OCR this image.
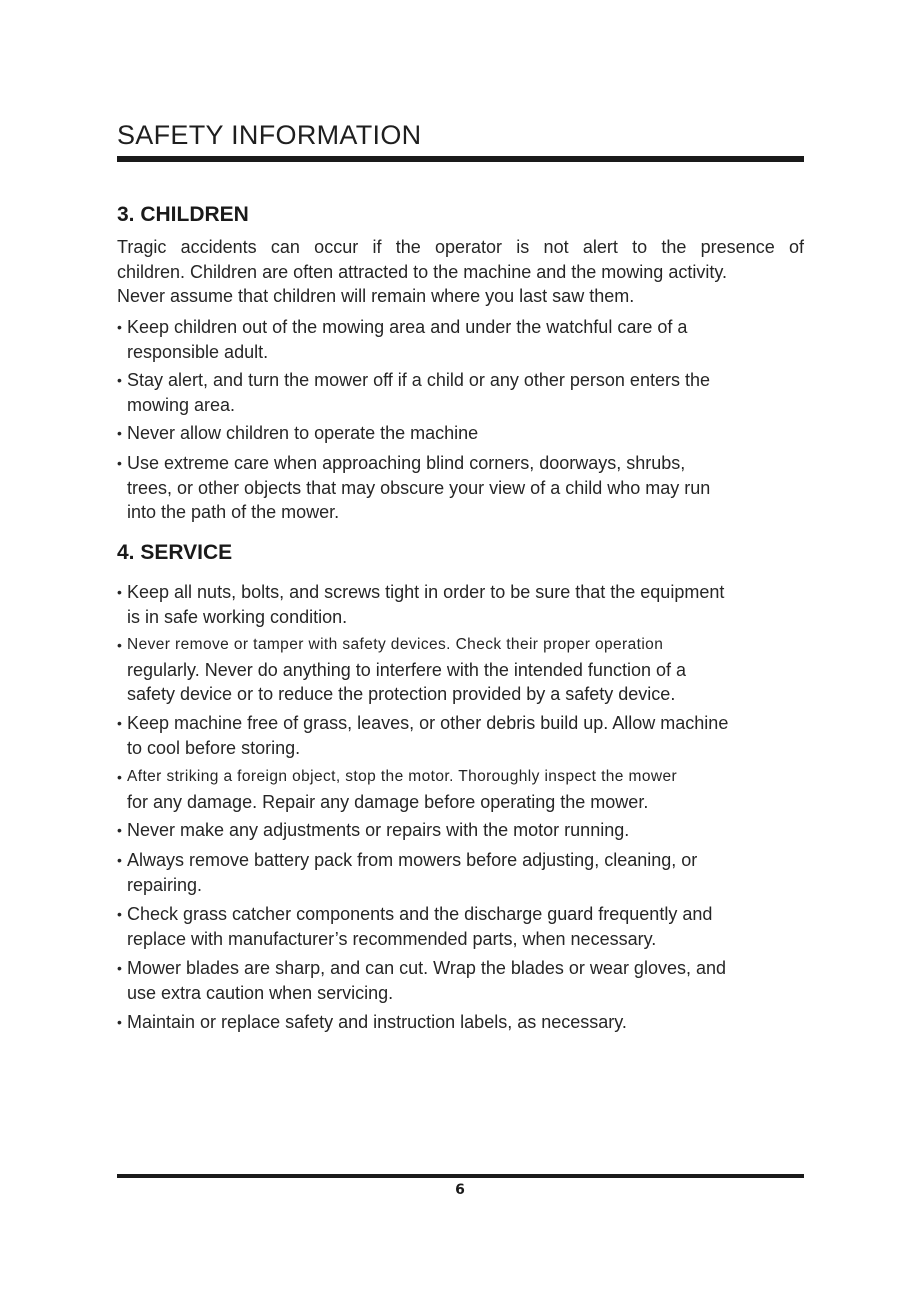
SAFETY INFORMATION
3. CHILDREN
Tragic accidents can occur if the operator is not alert to the presence of
children. Children are often attracted to the machine and the mowing activity.
Never assume that children will remain where you last saw them.
• Keep children out of the mowing area and under the watchful care of a
responsible adult.
• Stay alert, and turn the mower off if a child or any other person enters the
mowing area.
• Never allow children to operate the machine
• Use extreme care when approaching blind corners, doorways, shrubs,
trees, or other objects that may obscure your view of a child who may run
into the path of the mower.
4. SERVICE
• Keep all nuts, bolts, and screws tight in order to be sure that the equipment
is in safe working condition.
• Never remove or tamper with safety devices. Check their proper operation
regularly. Never do anything to interfere with the intended function of a
safety device or to reduce the protection provided by a safety device.
• Keep machine free of grass, leaves, or other debris build up. Allow machine
to cool before storing.
• After striking a foreign object, stop the motor. Thoroughly inspect the mower
for any damage. Repair any damage before operating the mower.
• Never make any adjustments or repairs with the motor running.
• Always remove battery pack from mowers before adjusting, cleaning, or
repairing.
• Check grass catcher components and the discharge guard frequently and
replace with manufacturer’s recommended parts, when necessary.
• Mower blades are sharp, and can cut. Wrap the blades or wear gloves, and
use extra caution when servicing.
• Maintain or replace safety and instruction labels, as necessary.
6
